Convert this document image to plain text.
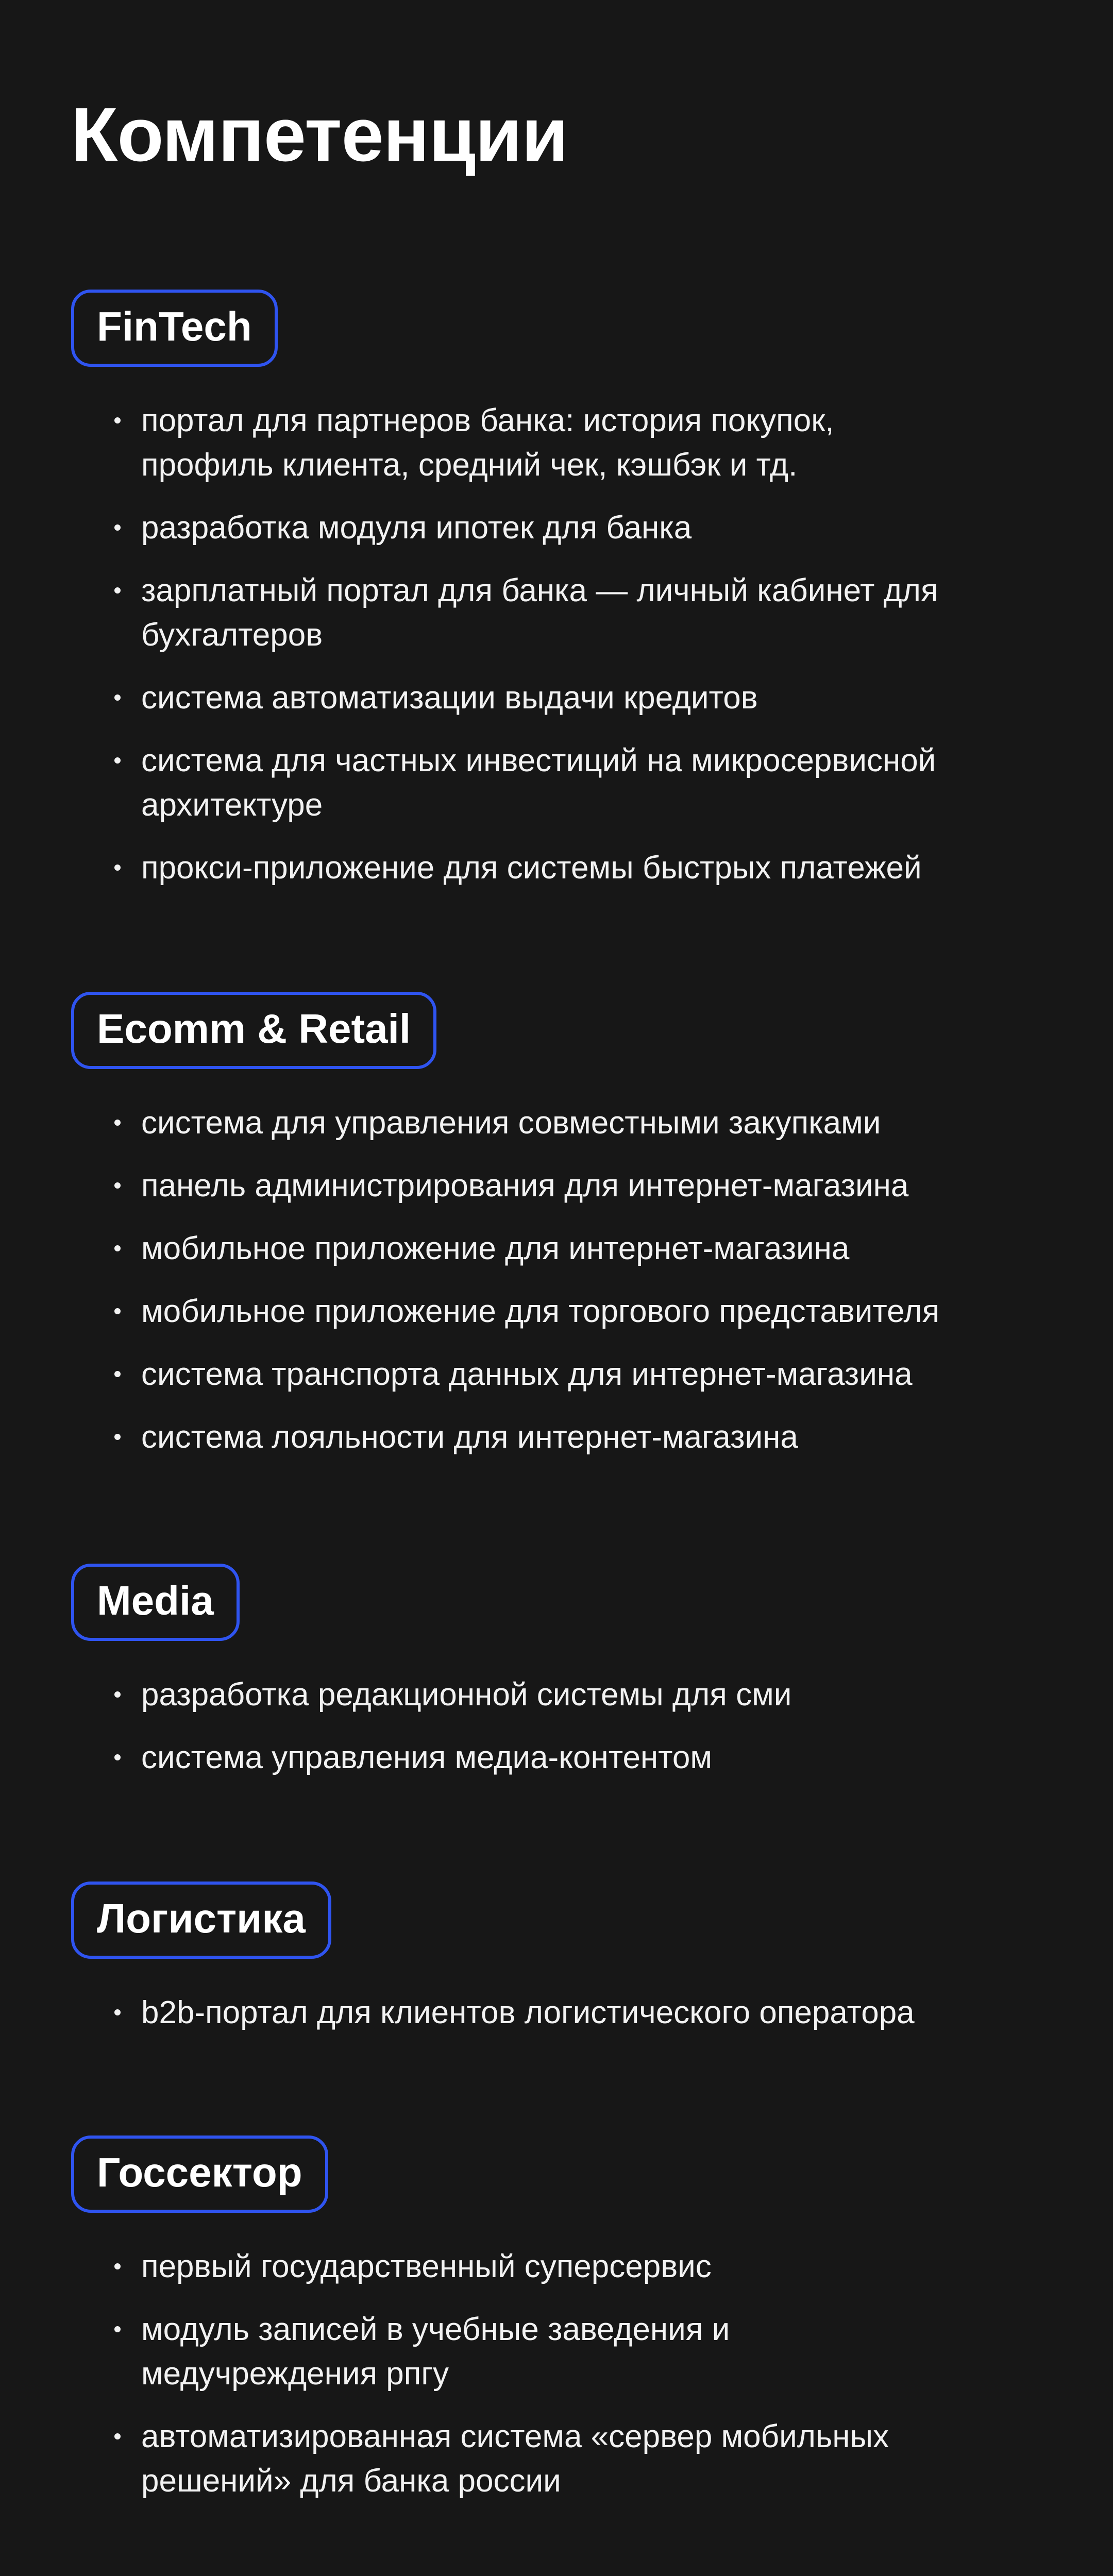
Компетенции
FinTech
портал для партнеров банка: история покупок,
профиль клиента, средний чек, кэшбэк и тд.
разработка модуля ипотек для банка
зарплатный портал для банка — личный кабинет для
бухгалтеров
система автоматизации выдачи кредитов
система для частных инвестиций на микросервисной
архитектуре
прокси-приложение для системы быстрых платежей
Ecomm & Retail
система для управления совместными закупками
панель администрирования для интернет-магазина
мобильное приложение для интернет-магазина
мобильное приложение для торгового представителя
система транспорта данных для интернет-магазина
система лояльности для интернет-магазина
Media
разработка редакционной системы для сми
система управления медиа-контентом
Логистика
b2b-портал для клиентов логистического оператора
Госсектор
первый государственный суперсервис
модуль записей в учебные заведения и
медучреждения рпгу
автоматизированная система «сервер мобильных
решений» для банка россии
